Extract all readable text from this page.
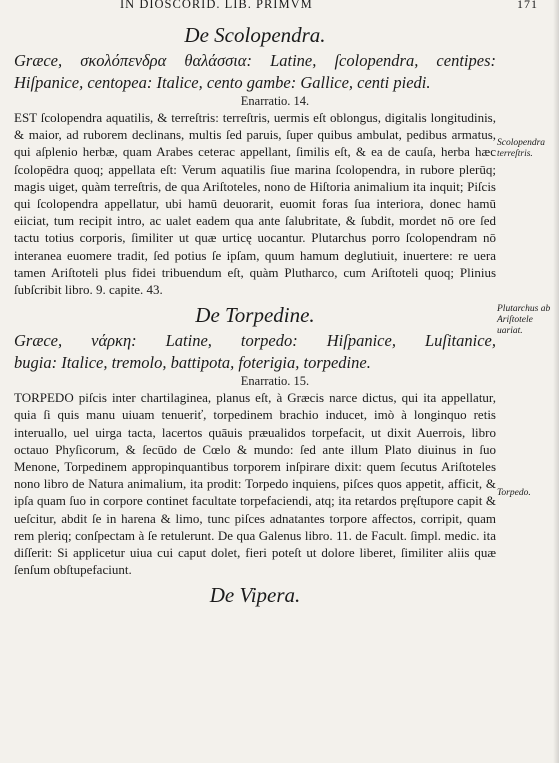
IN DIOSCORID. LIB. PRIMVM	171
De Scolopendra.
Græce, σκολόπενδρα θαλάσσια: Latine, ſcolopendra, centipes:
Hiſpanice, centopea: Italice, cento gambe: Gallice, centi piedi.
Enarratio. 14.

EST ſcolopendra aquatilis, & terreſtris: terreſtris, uermis eſt oblongus, digitalis longitudinis, & maior, ad ruborem declinans, multis ſed paruis, ſuper quibus ambulat, pedibus armatus, qui aſplenio herbæ, quam Arabes ceterac appellant, ſimilis eſt, & ea de cauſa, herba hæc ſcolopēdra quoq; appellata eſt: Verum aquatilis ſiue marina ſcolopendra, in rubore plerūq; magis uiget, quàm terreſtris, de qua Ariſtoteles, nono de Hiſtoria animalium ita inquit; Piſcis qui ſcolopendra appellatur, ubi hamū deuorarit, euomit foras ſua interiora, donec hamū eiiciat, tum recipit intro, ac ualet eadem qua ante ſalubritate, & ſubdit, mordet nō ore ſed tactu totius corporis, ſimiliter ut quæ urticę uocantur. Plutarchus porro ſcolopendram nō interanea euomere tradit, ſed potius ſe ipſam, quum hamum deglutiuit, inuertere: re uera tamen Ariſtoteli plus fidei tribuendum eſt, quàm Plutharco, cum Ariſtoteli quoq; Plinius ſubſcribit libro. 9. capite. 43.

De Torpedine.
Græce, νάρκη: Latine, torpedo: Hiſpanice, Luſitanice,
bugia: Italice, tremolo, battipota, foterigia, torpedine.
Enarratio. 15.

TORPEDO piſcis inter chartilaginea, planus eſt, à Græcis narce dictus, qui ita appellatur, quia ſi quis manu uiuam tenueriť, torpedinem brachio inducet, imò à longinquo retis interuallo, uel uirga tacta, lacertos quāuis præualidos torpefacit, ut dixit Auerrois, libro octauo Phyſicorum, & ſecūdo de Cœlo & mundo: ſed ante illum Plato diuinus in ſuo Menone, Torpedinem appropinquantibus torporem inſpirare dixit: quem ſecutus Ariſtoteles nono libro de Natura animalium, ita prodit: Torpedo inquiens, piſces quos appetit, afficit, & ipſa quam ſuo in corpore continet facultate torpefaciendi, atq; ita retardos pręſtupore capit & ueſcitur, abdit ſe in harena & limo, tunc piſces adnatantes torpore affectos, corripit, quam rem pleriq; conſpectam à ſe retulerunt. De qua Galenus libro. 11. de Facult. ſimpl. medic. ita diſſerit: Si applicetur uiua cui caput dolet, fieri poteſt ut dolore liberet, ſimiliter aliis quæ ſenſum obſtupefaciunt.

De Vipera.
Scolopendra terreſtris.
Plutarchus ab Ariſtotele uariat.
Torpedo.
